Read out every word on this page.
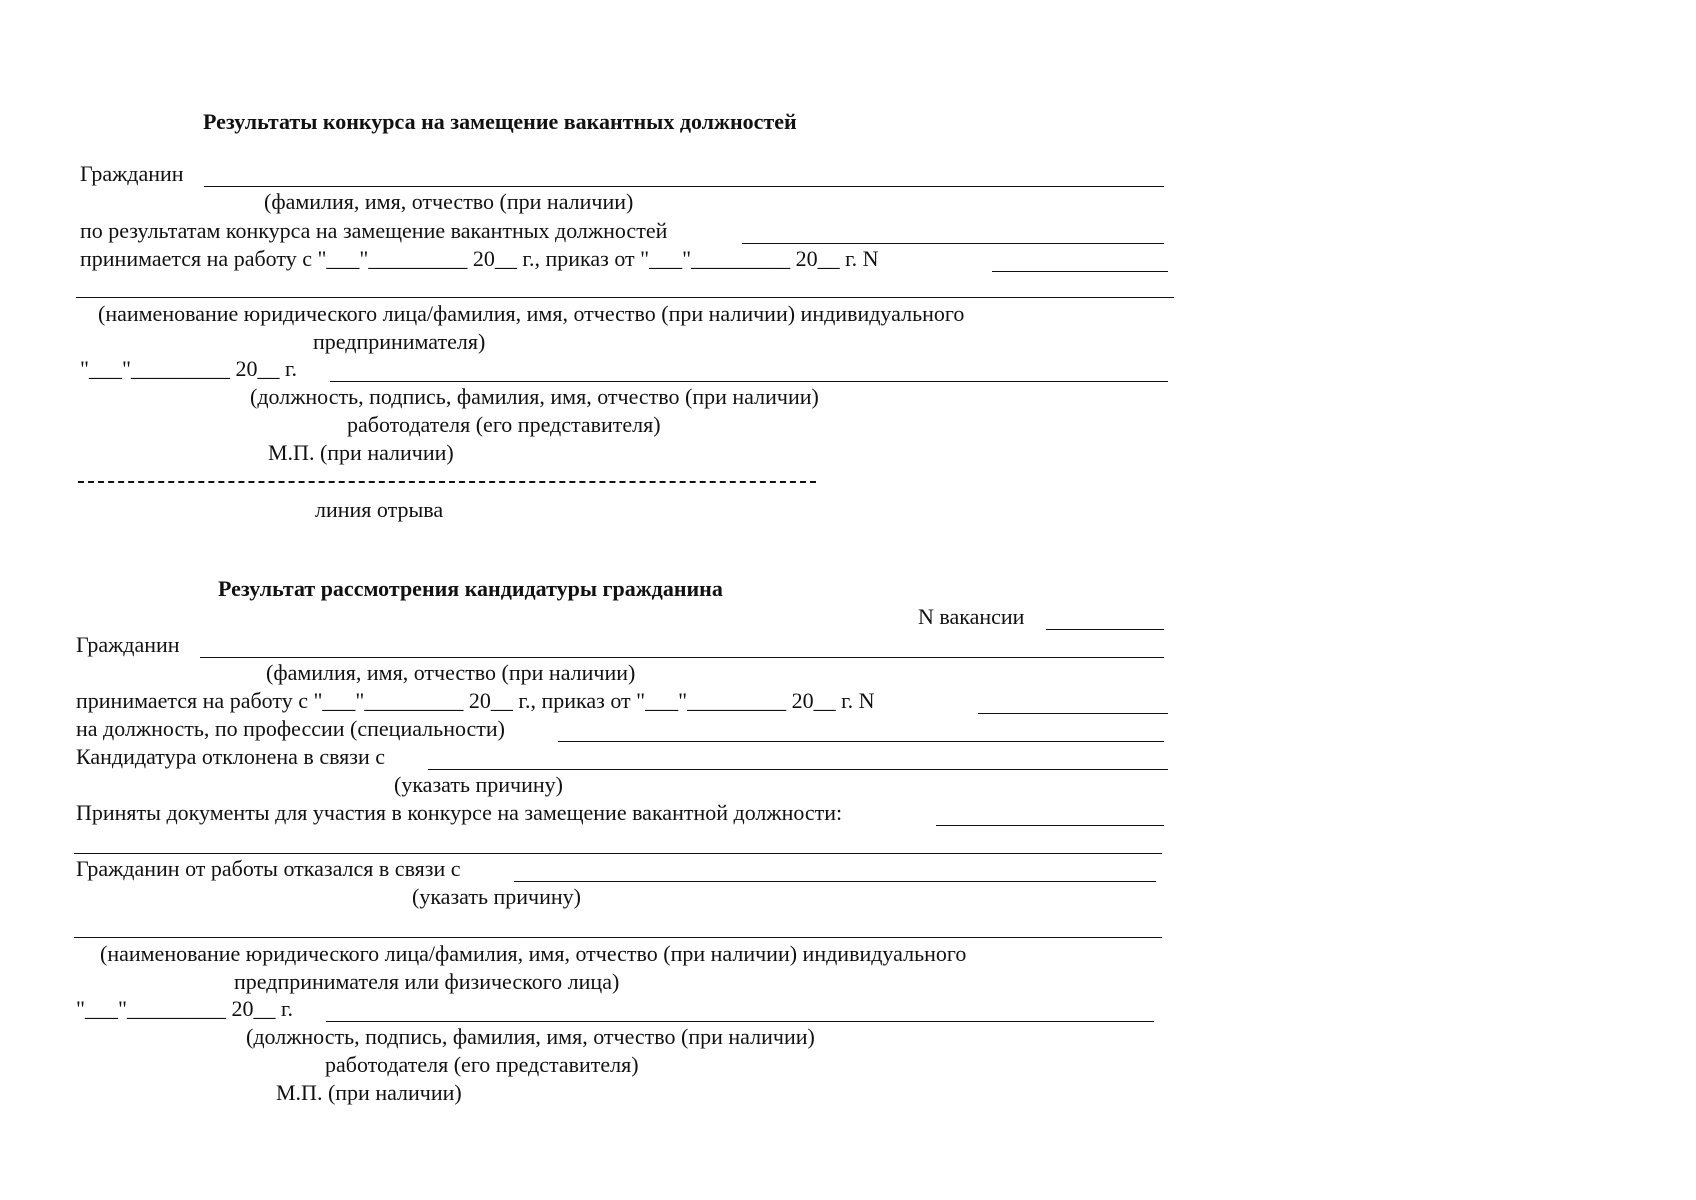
Результаты конкурса на замещение вакантных должностей
Гражданин
(фамилия, имя, отчество (при наличии)
по результатам конкурса на замещение вакантных должностей
принимается на работу с "___"_________ 20__ г., приказ от "___"_________ 20__ г. N
(наименование юридического лица/фамилия, имя, отчество (при наличии) индивидуального
предпринимателя)
"___"_________ 20__ г.
(должность, подпись, фамилия, имя, отчество (при наличии)
работодателя (его представителя)
М.П. (при наличии)
линия отрыва
Результат рассмотрения кандидатуры гражданина
N вакансии
Гражданин
(фамилия, имя, отчество (при наличии)
принимается на работу с "___"_________ 20__ г., приказ от "___"_________ 20__ г. N
на должность, по профессии (специальности)
Кандидатура отклонена в связи с
(указать причину)
Приняты документы для участия в конкурсе на замещение вакантной должности:
Гражданин от работы отказался в связи с
(указать причину)
(наименование юридического лица/фамилия, имя, отчество (при наличии) индивидуального
предпринимателя или физического лица)
"___"_________ 20__ г.
(должность, подпись, фамилия, имя, отчество (при наличии)
работодателя (его представителя)
М.П. (при наличии)
